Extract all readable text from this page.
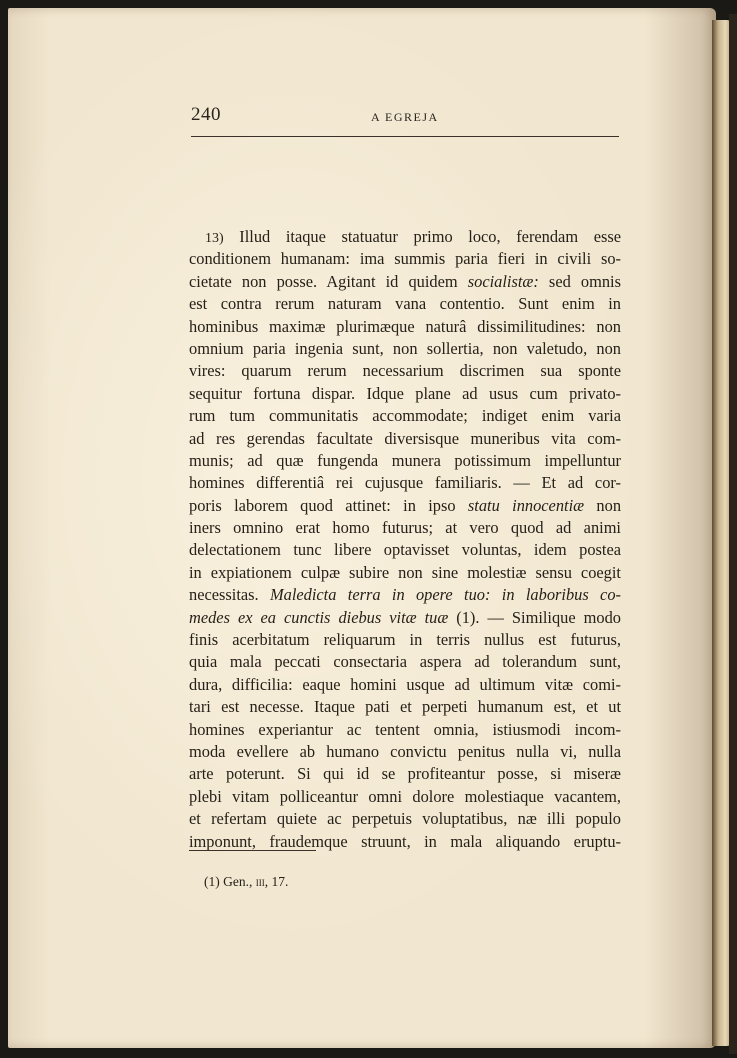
240	A EGREJA
13) Illud itaque statuatur primo loco, ferendam esse
conditionem humanam: ima summis paria fieri in civili so-
cietate non posse. Agitant id quidem socialistæ: sed omnis
est contra rerum naturam vana contentio. Sunt enim in
hominibus maximæ plurimæque naturâ dissimilitudines: non
omnium paria ingenia sunt, non sollertia, non valetudo, non
vires: quarum rerum necessarium discrimen sua sponte
sequitur fortuna dispar. Idque plane ad usus cum privato-
rum tum communitatis accommodate; indiget enim varia
ad res gerendas facultate diversisque muneribus vita com-
munis; ad quæ fungenda munera potissimum impelluntur
homines differentiâ rei cujusque familiaris. — Et ad cor-
poris laborem quod attinet: in ipso statu innocentiæ non
iners omnino erat homo futurus; at vero quod ad animi
delectationem tunc libere optavisset voluntas, idem postea
in expiationem culpæ subire non sine molestiæ sensu coegit
necessitas. Maledicta terra in opere tuo: in laboribus co-
medes ex ea cunctis diebus vitæ tuæ (1). — Similique modo
finis acerbitatum reliquarum in terris nullus est futurus,
quia mala peccati consectaria aspera ad tolerandum sunt,
dura, difficilia: eaque homini usque ad ultimum vitæ comi-
tari est necesse. Itaque pati et perpeti humanum est, et ut
homines experiantur ac tentent omnia, istiusmodi incom-
moda evellere ab humano convictu penitus nulla vi, nulla
arte poterunt. Si qui id se profiteantur posse, si miseræ
plebi vitam polliceantur omni dolore molestiaque vacantem,
et refertam quiete ac perpetuis voluptatibus, næ illi populo
imponunt, fraudemque struunt, in mala aliquando eruptu-
(1) Gen., iii, 17.
